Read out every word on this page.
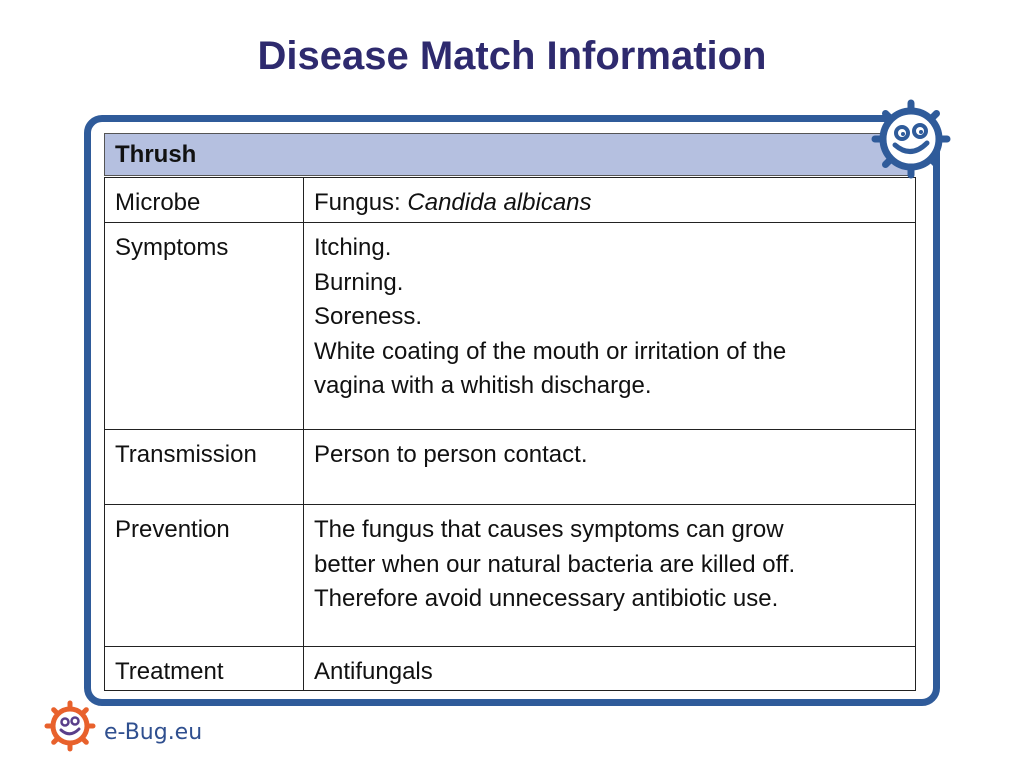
Disease Match Information
Thrush
Microbe	Fungus: Candida albicans
Symptoms	Itching.
Burning.
Soreness.
White coating of the mouth or irritation of the
vagina with a whitish discharge.

Transmission	Person to person contact.
Prevention	The fungus that causes symptoms can grow
better when our natural bacteria are killed off.
Therefore avoid unnecessary antibiotic use.

Treatment	Antifungals
e-Bug.eu
